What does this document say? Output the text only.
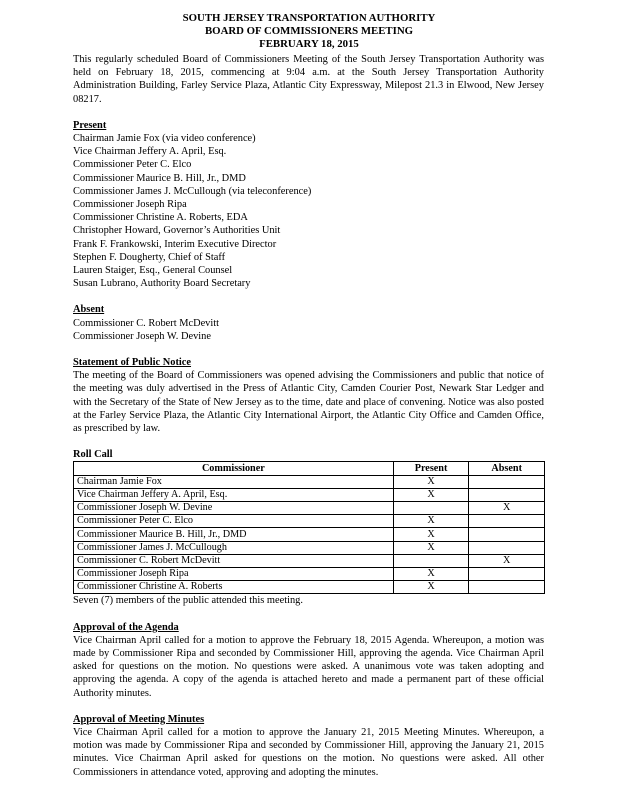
SOUTH JERSEY TRANSPORTATION AUTHORITY
BOARD OF COMMISSIONERS MEETING
FEBRUARY 18, 2015

This regularly scheduled Board of Commissioners Meeting of the South Jersey Transportation Authority was held on February 18, 2015, commencing at 9:04 a.m. at the South Jersey Transportation Authority Administration Building, Farley Service Plaza, Atlantic City Expressway, Milepost 21.3 in Elwood, New Jersey 08217.

Present
Chairman Jamie Fox (via video conference)
Vice Chairman Jeffery A. April, Esq.
Commissioner Peter C. Elco
Commissioner Maurice B. Hill, Jr., DMD
Commissioner James J. McCullough (via teleconference)
Commissioner Joseph Ripa
Commissioner Christine A. Roberts, EDA
Christopher Howard, Governor’s Authorities Unit
Frank F. Frankowski, Interim Executive Director
Stephen F. Dougherty, Chief of Staff
Lauren Staiger, Esq., General Counsel
Susan Lubrano, Authority Board Secretary
Absent
Commissioner C. Robert McDevitt
Commissioner Joseph W. Devine
Statement of Public Notice

The meeting of the Board of Commissioners was opened advising the Commissioners and public that notice of the meeting was duly advertised in the Press of Atlantic City, Camden Courier Post, Newark Star Ledger and with the Secretary of the State of New Jersey as to the time, date and place of convening. Notice was also posted at the Farley Service Plaza, the Atlantic City International Airport, the Atlantic City Office and Camden Office, as prescribed by law.

Roll Call
Commissioner	Present	Absent
Chairman Jamie Fox	X	
Vice Chairman Jeffery A. April, Esq.	X	
Commissioner Joseph W. Devine		X
Commissioner Peter C. Elco	X	
Commissioner Maurice B. Hill, Jr., DMD	X	
Commissioner James J. McCullough	X	
Commissioner C. Robert McDevitt		X
Commissioner Joseph Ripa	X	
Commissioner Christine A. Roberts	X	

Seven (7) members of the public attended this meeting.

Approval of the Agenda

Vice Chairman April called for a motion to approve the February 18, 2015 Agenda. Whereupon, a motion was made by Commissioner Ripa and seconded by Commissioner Hill, approving the agenda. Vice Chairman April asked for questions on the motion. No questions were asked. A unanimous vote was taken adopting and approving the agenda. A copy of the agenda is attached hereto and made a permanent part of these official Authority minutes.

Approval of Meeting Minutes

Vice Chairman April called for a motion to approve the January 21, 2015 Meeting Minutes. Whereupon, a motion was made by Commissioner Ripa and seconded by Commissioner Hill, approving the January 21, 2015 minutes. Vice Chairman April asked for questions on the motion. No questions were asked. All other Commissioners in attendance voted, approving and adopting the minutes.
